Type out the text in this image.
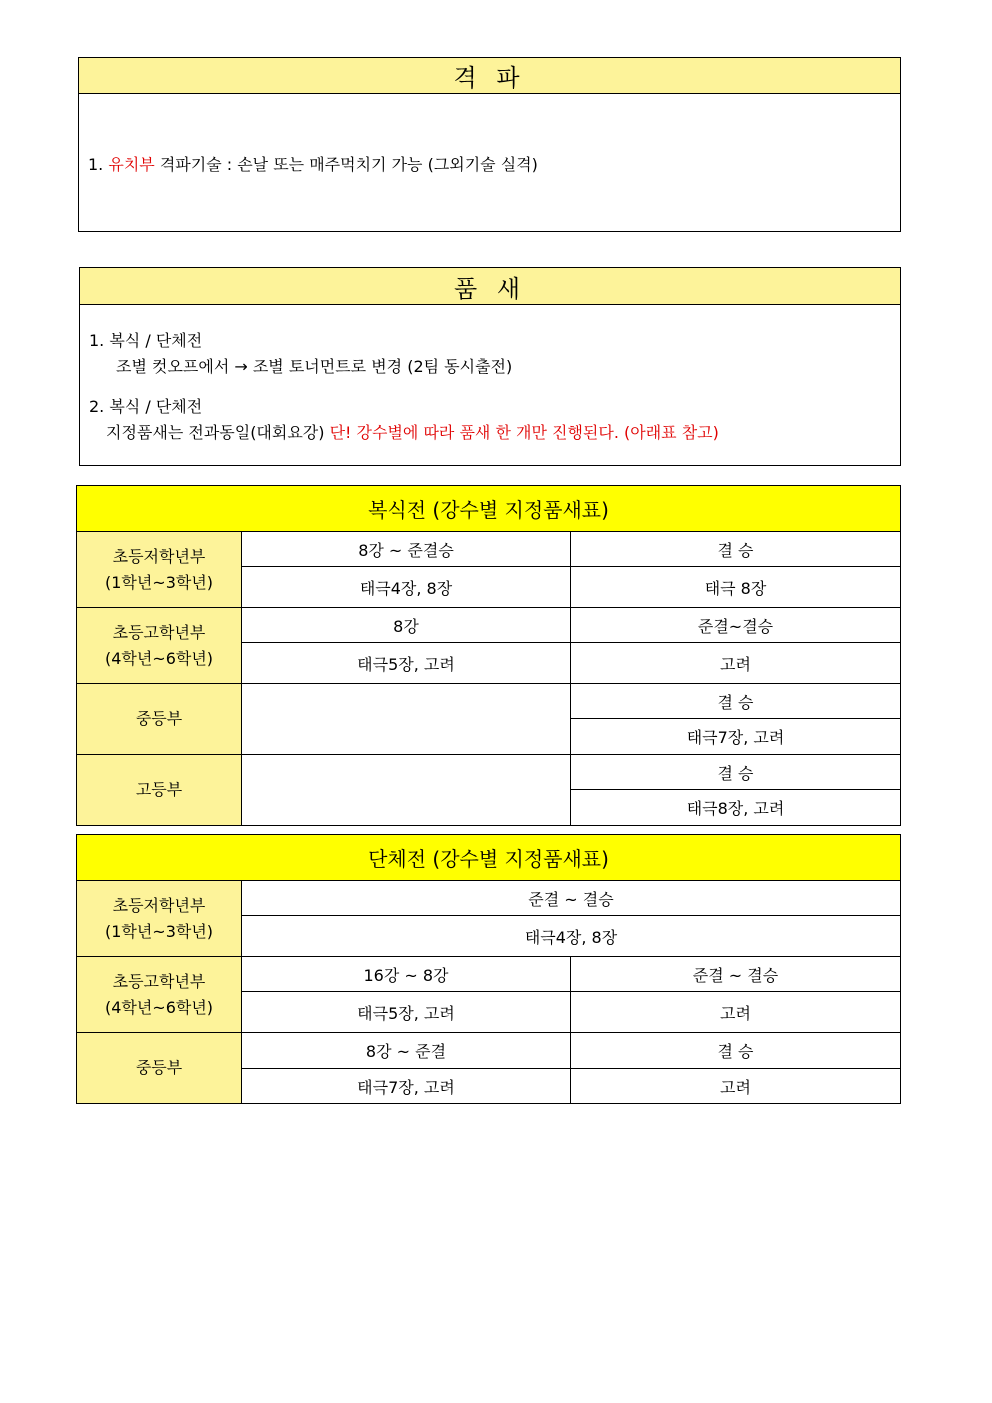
격 파
1. 유치부 격파기술 : 손날 또는 매주먹치기 가능 (그외기술 실격)
품 새
1. 복식 / 단체전
조별 컷오프에서 → 조별 토너먼트로 변경 (2팀 동시출전)
2. 복식 / 단체전
지정품새는 전과동일(대회요강) 단! 강수별에 따라 품새 한 개만 진행된다. (아래표 참고)
복식전 (강수별 지정품새표)		

초등저학년부
(1학년~3학년)	8강 ~ 준결승	결 승
	태극4장, 8장	태극 8장

초등고학년부
(4학년~6학년)	8강	준결~결승
	태극5장, 고려	고려
중등부		결 승
		태극7장, 고려
고등부		결 승
		태극8장, 고려
단체전 (강수별 지정품새표)		

초등저학년부
(1학년~3학년)	준결 ~ 결승	
	태극4장, 8장	

초등고학년부
(4학년~6학년)	16강 ~ 8강	준결 ~ 결승
	태극5장, 고려	고려
중등부	8강 ~ 준결	결 승
	태극7장, 고려	고려
